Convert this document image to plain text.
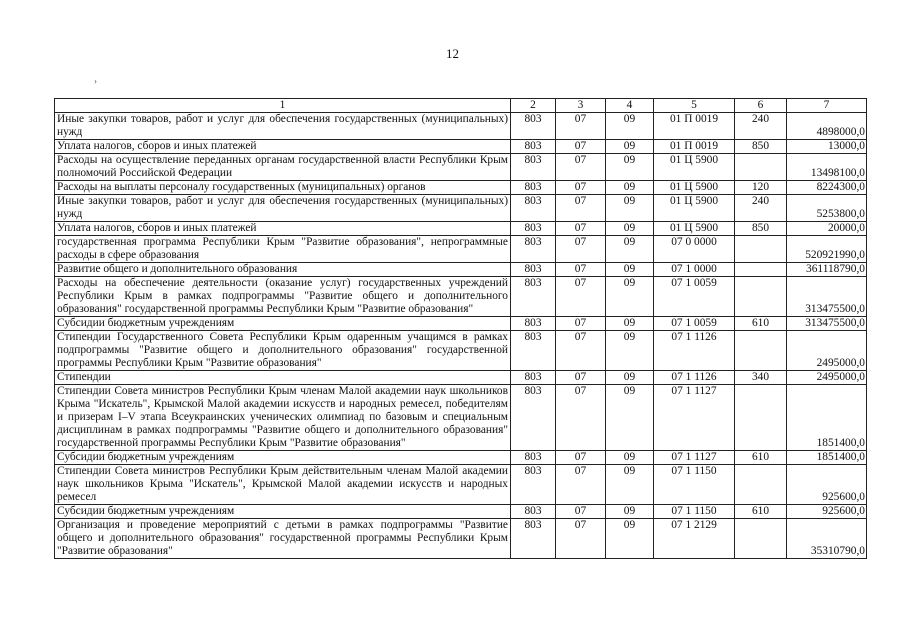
12
›
1	2	3	4	5	6	7
Иные закупки товаров, работ и услуг для обеспечения государственных (муниципальных) нужд	803	07	09	01 П 0019	240	4898000,0
Уплата налогов, сборов и иных платежей	803	07	09	01 П 0019	850	13000,0
Расходы на осуществление переданных органам государственной власти Республики Крым полномочий Российской Федерации	803	07	09	01 Ц 5900		13498100,0
Расходы на выплаты персоналу государственных (муниципальных) органов	803	07	09	01 Ц 5900	120	8224300,0
Иные закупки товаров, работ и услуг для обеспечения государственных (муниципальных) нужд	803	07	09	01 Ц 5900	240	5253800,0
Уплата налогов, сборов и иных платежей	803	07	09	01 Ц 5900	850	20000,0
государственная программа Республики Крым "Развитие образования", непрограммные расходы в сфере образования	803	07	09	07 0 0000		520921990,0
Развитие общего и дополнительного образования	803	07	09	07 1 0000		361118790,0
Расходы на обеспечение деятельности (оказание услуг) государственных учреждений Республики Крым в рамках подпрограммы "Развитие общего и дополнительного образования" государственной программы Республики Крым "Развитие образования"	803	07	09	07 1 0059		313475500,0
Субсидии бюджетным учреждениям	803	07	09	07 1 0059	610	313475500,0
Стипендии Государственного Совета Республики Крым одаренным учащимся в рамках подпрограммы "Развитие общего и дополнительного образования" государственной программы Республики Крым "Развитие образования"	803	07	09	07 1 1126		2495000,0
Стипендии	803	07	09	07 1 1126	340	2495000,0
Стипендии Совета министров Республики Крым членам Малой академии наук школьников Крыма "Искатель", Крымской Малой академии искусств и народных ремесел, победителям и призерам I–V этапа Всеукраинских ученических олимпиад по базовым и специальным дисциплинам в рамках подпрограммы "Развитие общего и дополнительного образования" государственной программы Республики Крым "Развитие образования"	803	07	09	07 1 1127		1851400,0
Субсидии бюджетным учреждениям	803	07	09	07 1 1127	610	1851400,0
Стипендии Совета министров Республики Крым действительным членам Малой академии наук школьников Крыма "Искатель", Крымской Малой академии искусств и народных ремесел	803	07	09	07 1 1150		925600,0
Субсидии бюджетным учреждениям	803	07	09	07 1 1150	610	925600,0
Организация и проведение мероприятий с детьми в рамках подпрограммы "Развитие общего и дополнительного образования" государственной программы Республики Крым "Развитие образования"	803	07	09	07 1 2129		35310790,0
